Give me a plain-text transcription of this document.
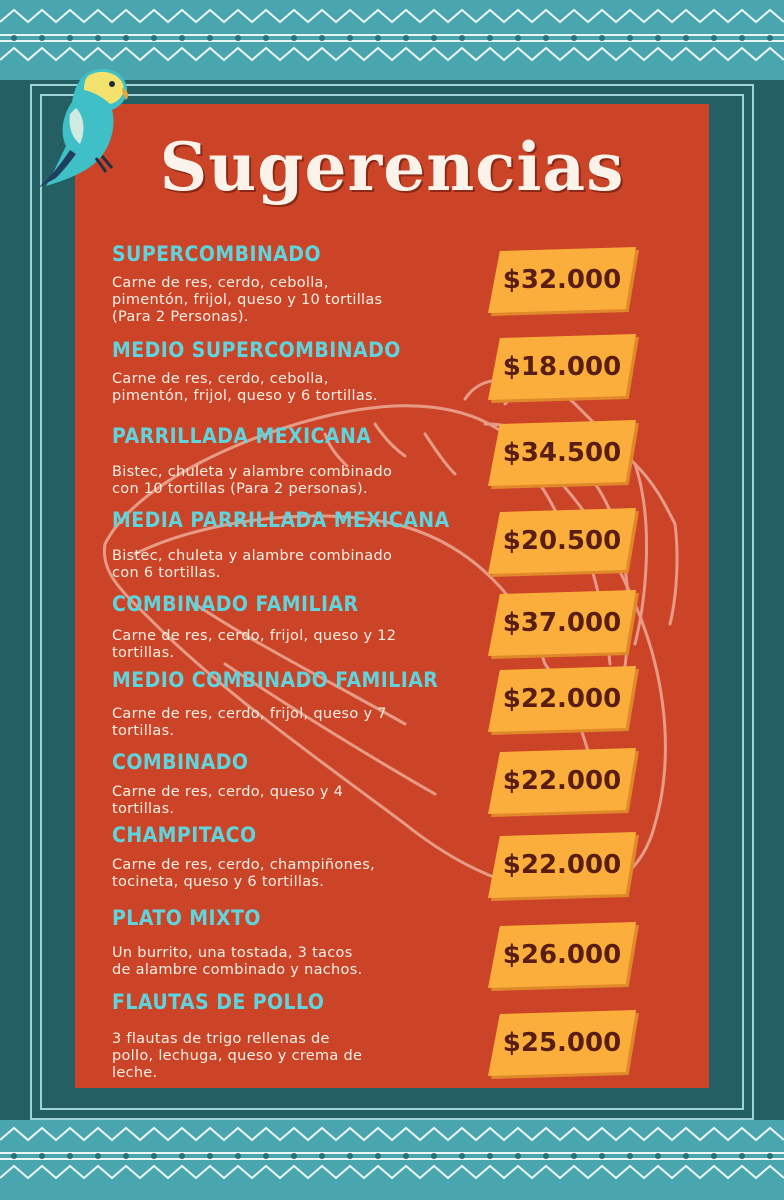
Sugerencias

SUPERCOMBINADO

Carne de res, cerdo, cebolla,
pimentón, frijol, queso y 10 tortillas
(Para 2 Personas).

$32.000

MEDIO SUPERCOMBINADO

Carne de res, cerdo, cebolla,
pimentón, frijol, queso y 6 tortillas.

$18.000

PARRILLADA MEXICANA

Bistec, chuleta y alambre combinado
con 10 tortillas (Para 2 personas).

$34.500

MEDIA PARRILLADA MEXICANA

Bistec, chuleta y alambre combinado
con 6 tortillas.

$20.500

COMBINADO FAMILIAR

Carne de res, cerdo, frijol, queso y 12
tortillas.

$37.000

MEDIO COMBINADO FAMILIAR

Carne de res, cerdo, frijol, queso y 7
tortillas.

$22.000

COMBINADO

Carne de res, cerdo, queso y 4
tortillas.

$22.000

CHAMPITACO

Carne de res, cerdo, champiñones,
tocineta, queso y 6 tortillas.

$22.000

PLATO MIXTO

Un burrito, una tostada, 3 tacos
de alambre combinado y nachos.	$26.000

FLAUTAS DE POLLO

3 flautas de trigo rellenas de
pollo, lechuga, queso y crema de
leche.

$25.000
